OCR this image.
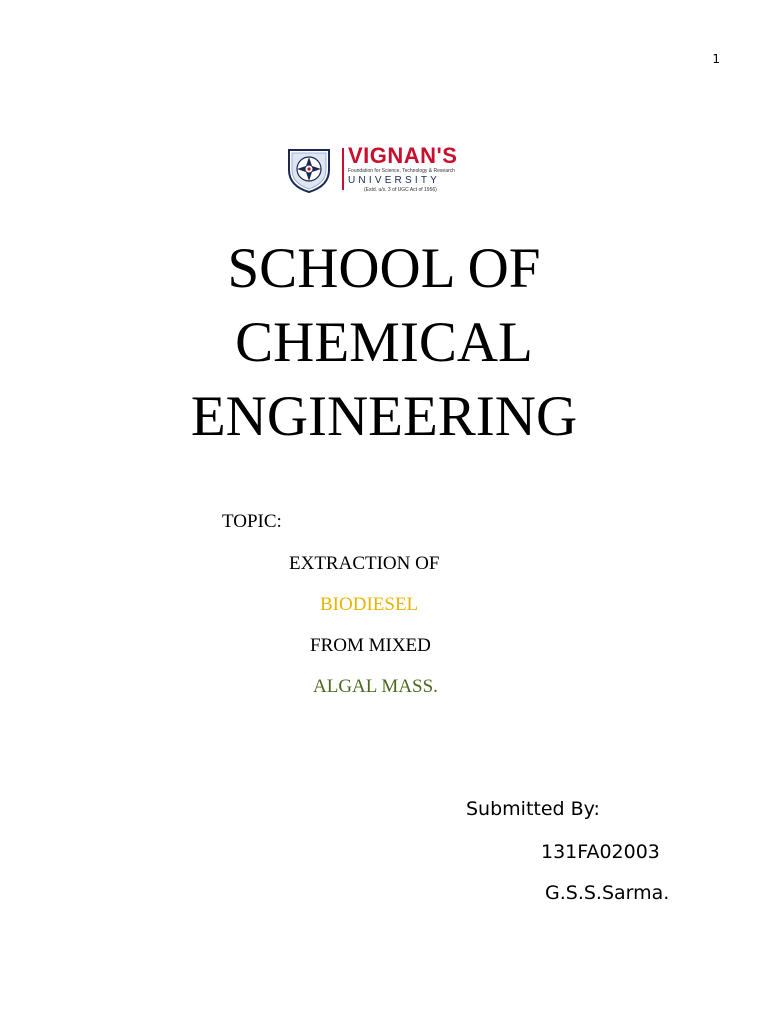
1
VIGNAN'S
Foundation for Science, Technology & Research
UNIVERSITY
(Estd. u/s. 3 of UGC Act of 1956)
SCHOOL OF
CHEMICAL
ENGINEERING
TOPIC:
EXTRACTION OF
BIODIESEL
FROM MIXED
ALGAL MASS.
Submitted By:
131FA02003
G.S.S.Sarma.
